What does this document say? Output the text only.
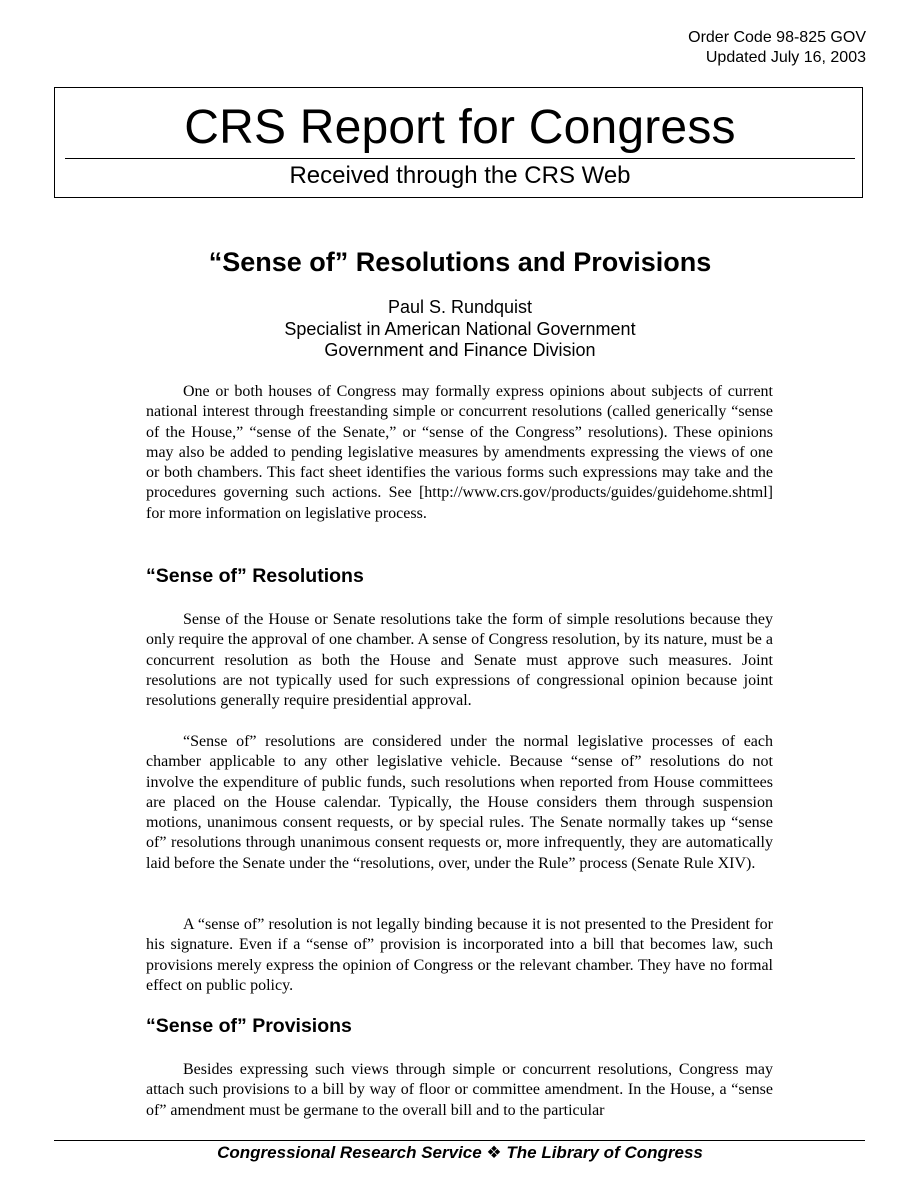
Order Code 98-825 GOV
Updated July 16, 2003
CRS Report for Congress
Received through the CRS Web
“Sense of” Resolutions and Provisions
Paul S. Rundquist
Specialist in American National Government
Government and Finance Division

One or both houses of Congress may formally express opinions about subjects of current national interest through freestanding simple or concurrent resolutions (called generically “sense of the House,” “sense of the Senate,” or “sense of the Congress” resolutions). These opinions may also be added to pending legislative measures by amendments expressing the views of one or both chambers. This fact sheet identifies the various forms such expressions may take and the procedures governing such actions. See [http://www.crs.gov/products/guides/guidehome.shtml] for more information on legislative process.

“Sense of” Resolutions

Sense of the House or Senate resolutions take the form of simple resolutions because they only require the approval of one chamber. A sense of Congress resolution, by its nature, must be a concurrent resolution as both the House and Senate must approve such measures. Joint resolutions are not typically used for such expressions of congressional opinion because joint resolutions generally require presidential approval.

“Sense of” resolutions are considered under the normal legislative processes of each chamber applicable to any other legislative vehicle. Because “sense of” resolutions do not involve the expenditure of public funds, such resolutions when reported from House committees are placed on the House calendar. Typically, the House considers them through suspension motions, unanimous consent requests, or by special rules. The Senate normally takes up “sense of” resolutions through unanimous consent requests or, more infrequently, they are automatically laid before the Senate under the “resolutions, over, under the Rule” process (Senate Rule XIV).

A “sense of” resolution is not legally binding because it is not presented to the President for his signature. Even if a “sense of” provision is incorporated into a bill that becomes law, such provisions merely express the opinion of Congress or the relevant chamber. They have no formal effect on public policy.

“Sense of” Provisions

Besides expressing such views through simple or concurrent resolutions, Congress may attach such provisions to a bill by way of floor or committee amendment. In the House, a “sense of” amendment must be germane to the overall bill and to the particular

Congressional Research Service ❖ The Library of Congress
